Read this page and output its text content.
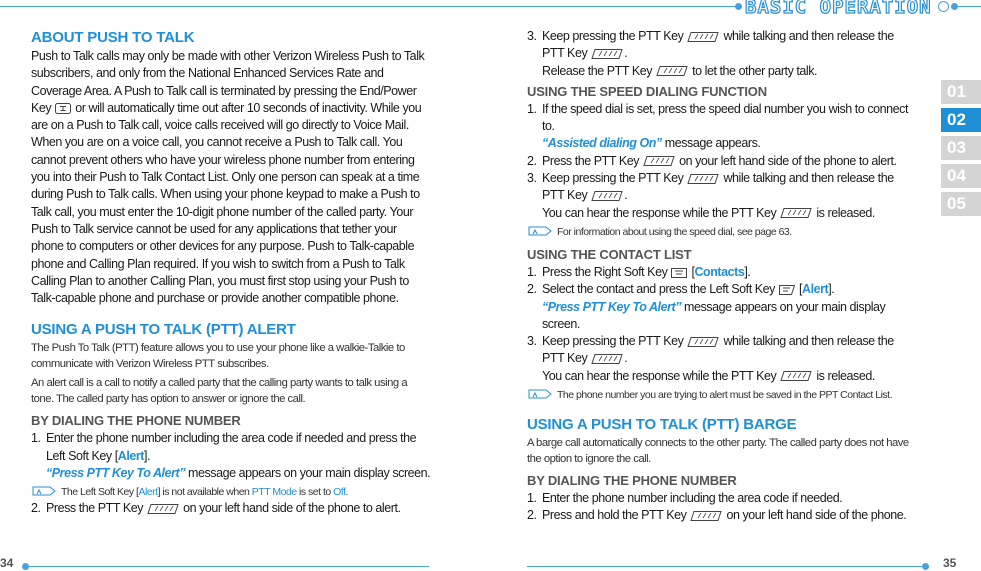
BASIC OPERATION
01
02
03
04
05

ABOUT PUSH TO TALK

Push to Talk calls may only be made with other Verizon Wireless Push to Talk subscribers, and only from the National Enhanced Services Rate and Coverage Area. A Push to Talk call is terminated by pressing the End/Power Key or will automatically time out after 10 seconds of inactivity. While you are on a Push to Talk call, voice calls received will go directly to Voice Mail. When you are on a voice call, you cannot receive a Push to Talk call. You cannot prevent others who have your wireless phone number from entering you into their Push to Talk Contact List. Only one person can speak at a time during Push to Talk calls. When using your phone keypad to make a Push to Talk call, you must enter the 10-digit phone number of the called party. Your Push to Talk service cannot be used for any applications that tether your phone to computers or other devices for any purpose. Push to Talk-capable phone and Calling Plan required. If you wish to switch from a Push to Talk Calling Plan to another Calling Plan, you must first stop using your Push to Talk-capable phone and purchase or provide another compatible phone.

USING A PUSH TO TALK (PTT) ALERT

The Push To Talk (PTT) feature allows you to use your phone like a walkie-Talkie to communicate with Verizon Wireless PTT subscribes.

An alert call is a call to notify a called party that the calling party wants to talk using a tone. The called party has option to answer or ignore the call.

BY DIALING THE PHONE NUMBER

1. Enter the phone number including the area code if needed and press the Left Soft Key [Alert].
“Press PTT Key To Alert” message appears on your main display screen.
The Left Soft Key [Alert] is not available when PTT Mode is set to Off.
2. Press the PTT Key	on your left hand side of the phone to alert.
3. Keep pressing the PTT Key	while talking and then release the
PTT Key	.
Release the PTT Key	to let the other party talk.

USING THE SPEED DIALING FUNCTION

1. If the speed dial is set, press the speed dial number you wish to connect to.
“Assisted dialing On” message appears.
2. Press the PTT Key	on your left hand side of the phone to alert.
3. Keep pressing the PTT Key	while talking and then release the
PTT Key	.
You can hear the response while the PTT Key	is released.
For information about using the speed dial, see page 63.

USING THE CONTACT LIST

1. Press the Right Soft Key [Contacts].
2. Select the contact and press the Left Soft Key [Alert].
“Press PTT Key To Alert” message appears on your main display screen.
3. Keep pressing the PTT Key	while talking and then release the
PTT Key	.
You can hear the response while the PTT Key	is released.
The phone number you are trying to alert must be saved in the PPT Contact List.

USING A PUSH TO TALK (PTT) BARGE

A barge call automatically connects to the other party. The called party does not have the option to ignore the call.

BY DIALING THE PHONE NUMBER

1. Enter the phone number including the area code if needed.
2. Press and hold the PTT Key	on your left hand side of the phone.
34	35
